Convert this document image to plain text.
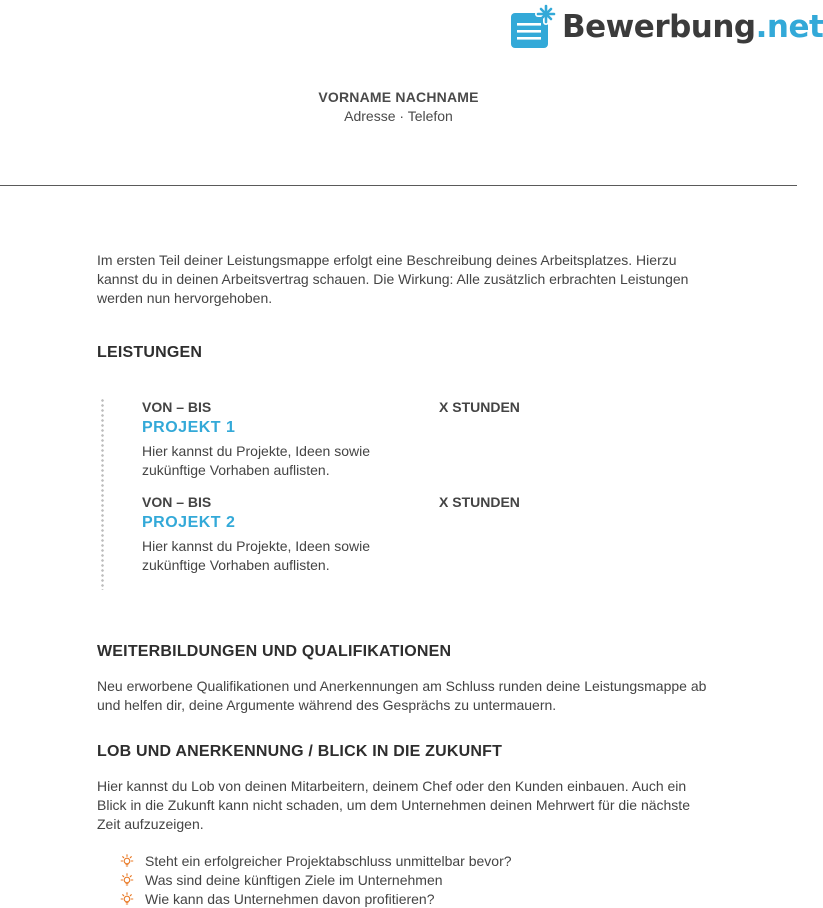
Bewerbung.net
VORNAME NACHNAME
Adresse · Telefon
Im ersten Teil deiner Leistungsmappe erfolgt eine Beschreibung deines Arbeitsplatzes. Hierzu kannst du in deinen Arbeitsvertrag schauen. Die Wirkung: Alle zusätzlich erbrachten Leistungen werden nun hervorgehoben.
LEISTUNGEN
VON – BIS	X STUNDEN
PROJEKT 1
Hier kannst du Projekte, Ideen sowie zukünftige Vorhaben auflisten.
VON – BIS	X STUNDEN
PROJEKT 2
Hier kannst du Projekte, Ideen sowie zukünftige Vorhaben auflisten.
WEITERBILDUNGEN UND QUALIFIKATIONEN
Neu erworbene Qualifikationen und Anerkennungen am Schluss runden deine Leistungsmappe ab und helfen dir, deine Argumente während des Gesprächs zu untermauern.
LOB UND ANERKENNUNG / BLICK IN DIE ZUKUNFT
Hier kannst du Lob von deinen Mitarbeitern, deinem Chef oder den Kunden einbauen. Auch ein Blick in die Zukunft kann nicht schaden, um dem Unternehmen deinen Mehrwert für die nächste Zeit aufzuzeigen.
Steht ein erfolgreicher Projektabschluss unmittelbar bevor?
Was sind deine künftigen Ziele im Unternehmen
Wie kann das Unternehmen davon profitieren?
